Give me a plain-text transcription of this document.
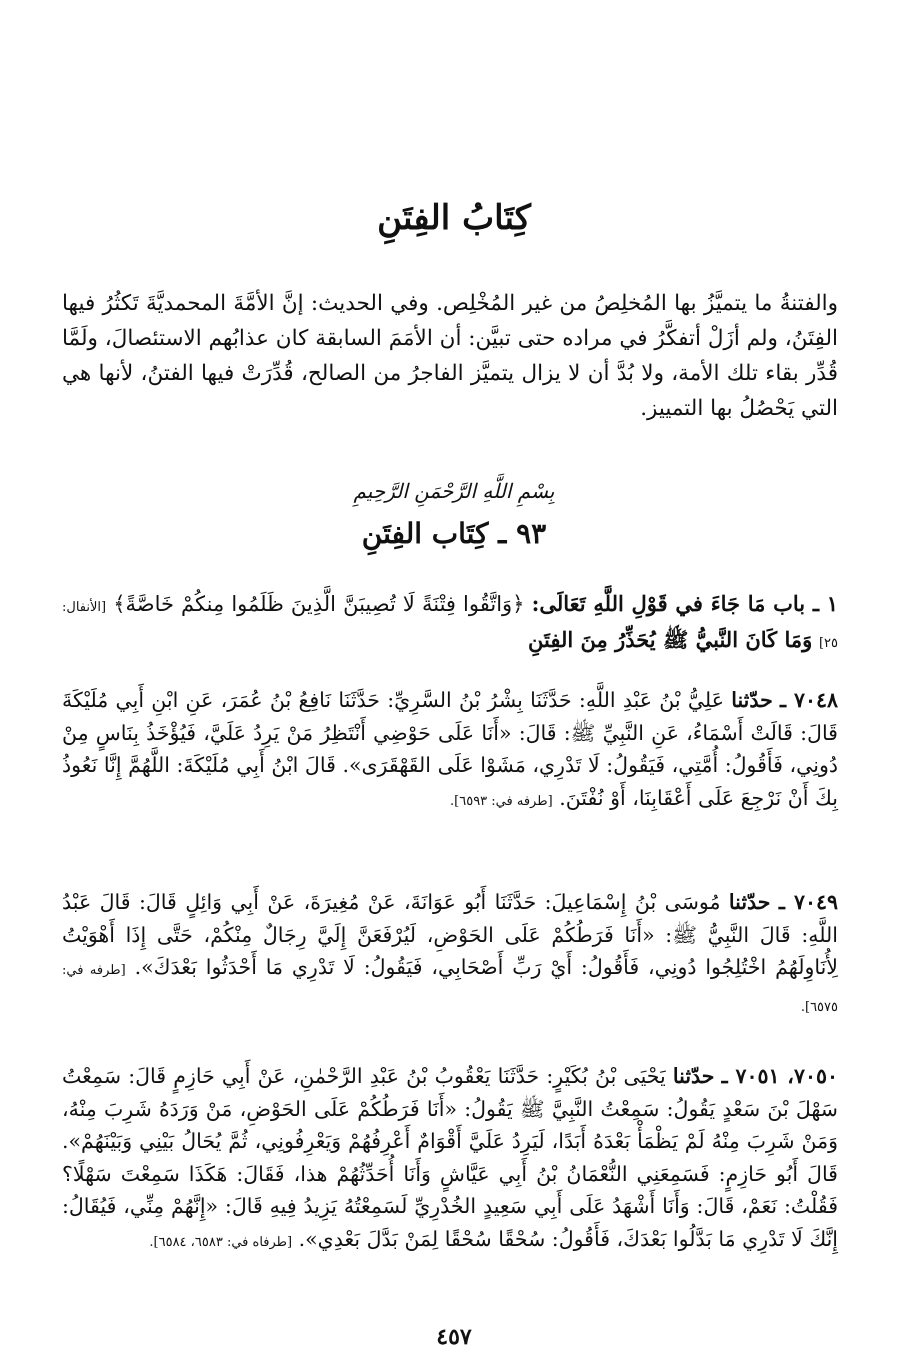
كِتَابُ الفِتَنِ

والفتنةُ ما يتميَّزُ بها المُخلِصُ من غير المُخْلِص. وفي الحديث: إنَّ الأمَّةَ المحمديَّةَ تَكثُرُ فيها الفِتَنُ، ولم أزَلْ أتفكَّرُ في مراده حتى تبيَّن: أن الأمَمَ السابقة كان عذابُهم الاستئصالَ، ولَمَّا قُدِّر بقاء تلك الأمة، ولا بُدَّ أن لا يزال يتميَّز الفاجرُ من الصالح، قُدِّرَتْ فيها الفتنُ، لأنها هي التي يَحْصُلُ بها التمييز.

بِسْمِ اللَّهِ الرَّحْمَنِ الرَّحِيمِ
٩٣ ـ كِتَاب الفِتَنِ

١ ـ باب مَا جَاءَ في قَوْلِ اللَّهِ تَعَالَى: ﴿وَاتَّقُوا فِتْنَةً لَا تُصِيبَنَّ الَّذِينَ ظَلَمُوا مِنكُمْ خَاصَّةً﴾ [الأنفال: ٢٥] وَمَا كَانَ النَّبيُّ ﷺ يُحَذِّرُ مِنَ الفِتَنِ

٧٠٤٨ ـ حدّثنا عَلِيُّ بْنُ عَبْدِ اللَّهِ: حَدَّثَنَا بِشْرُ بْنُ السَّرِيِّ: حَدَّثَنَا نَافِعُ بْنُ عُمَرَ، عَنِ ابْنِ أَبِي مُلَيْكَةَ قَالَ: قَالَتْ أَسْمَاءُ، عَنِ النَّبِيِّ ﷺ: قَالَ: «أَنَا عَلَى حَوْضِي أَنْتَظِرُ مَنْ يَرِدُ عَلَيَّ، فَيُؤْخَذُ بِنَاسٍ مِنْ دُونِي، فَأَقُولُ: أُمَّتِي، فَيَقُولُ: لَا تَدْرِي، مَشَوْا عَلَى القَهْقَرَى». قَالَ ابْنُ أَبِي مُلَيْكَةَ: اللَّهُمَّ إِنَّا نَعُوذُ بِكَ أَنْ نَرْجِعَ عَلَى أَعْقَابِنَا، أَوْ نُفْتَنَ. [طرفه في: ٦٥٩٣].

٧٠٤٩ ـ حدّثنا مُوسَى بْنُ إِسْمَاعِيلَ: حَدَّثَنَا أَبُو عَوَانَةَ، عَنْ مُغِيرَةَ، عَنْ أَبِي وَائِلٍ قَالَ: قَالَ عَبْدُ اللَّهِ: قَالَ النَّبِيُّ ﷺ: «أَنَا فَرَطُكُمْ عَلَى الحَوْضِ، لَيُرْفَعَنَّ إِلَيَّ رِجَالٌ مِنْكُمْ، حَتَّى إِذَا أَهْوَيْتُ لِأُنَاوِلَهُمُ اخْتُلِجُوا دُونِي، فَأَقُولُ: أَيْ رَبِّ أَصْحَابِي، فَيَقُولُ: لَا تَدْرِي مَا أَحْدَثُوا بَعْدَكَ». [طرفه في: ٦٥٧٥].

٧٠٥٠، ٧٠٥١ ـ حدّثنا يَحْيَى بْنُ بُكَيْرٍ: حَدَّثَنَا يَعْقُوبُ بْنُ عَبْدِ الرَّحْمٰنِ، عَنْ أَبِي حَازِمٍ قَالَ: سَمِعْتُ سَهْلَ بْنَ سَعْدٍ يَقُولُ: سَمِعْتُ النَّبِيَّ ﷺ يَقُولُ: «أَنَا فَرَطُكُمْ عَلَى الحَوْضِ، مَنْ وَرَدَهُ شَرِبَ مِنْهُ، وَمَنْ شَرِبَ مِنْهُ لَمْ يَظْمَأْ بَعْدَهُ أَبَدًا، لَيَرِدُ عَلَيَّ أَقْوَامٌ أَعْرِفُهُمْ وَيَعْرِفُونِي، ثُمَّ يُحَالُ بَيْنِي وَبَيْنَهُمْ». قَالَ أَبُو حَازِمٍ: فَسَمِعَنِي النُّعْمَانُ بْنُ أَبِي عَيَّاشٍ وَأَنَا أُحَدِّثُهُمْ هذا، فَقَالَ: هَكَذَا سَمِعْتَ سَهْلًا؟ فَقُلْتُ: نَعَمْ، قَالَ: وَأَنَا أَشْهَدُ عَلَى أَبِي سَعِيدٍ الخُدْرِيِّ لَسَمِعْتُهُ يَزِيدُ فِيهِ قَالَ: «إِنَّهُمْ مِنِّي، فَيُقَالُ: إِنَّكَ لَا تَدْرِي مَا بَدَّلُوا بَعْدَكَ، فَأَقُولُ: سُحْقًا سُحْقًا لِمَنْ بَدَّلَ بَعْدِي». [طرفاه في: ٦٥٨٣، ٦٥٨٤].

٤٥٧
